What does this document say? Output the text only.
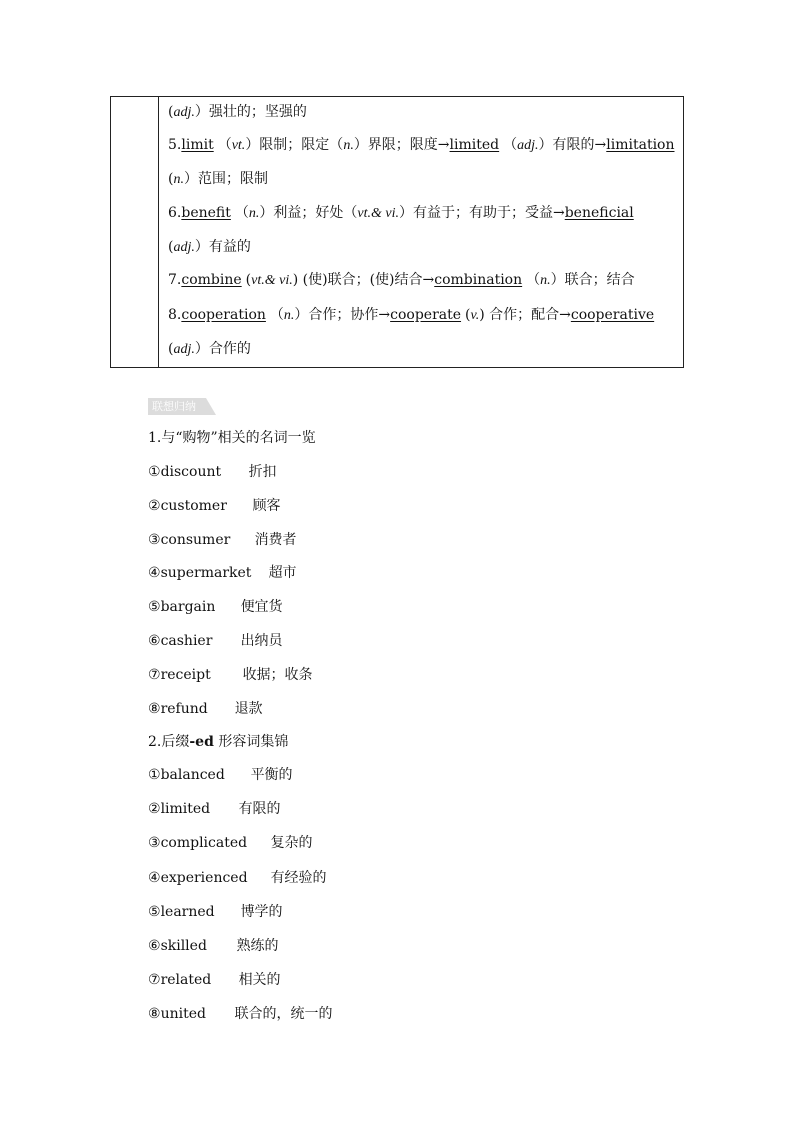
(adj.）强壮的；坚强的
5.limit （vt.）限制；限定（n.）界限；限度→limited （adj.）有限的→limitation
(n.）范围；限制
6.benefit （n.）利益；好处（vt.& vi.）有益于；有助于；受益→beneficial
(adj.）有益的
7.combine (vt.& vi.) (使)联合；(使)结合→combination （n.）联合；结合
8.cooperation （n.）合作；协作→cooperate (v.) 合作；配合→cooperative
(adj.）合作的
联想归纳
1.与“购物”相关的名词一览
①discount 折扣
②customer 顾客
③consumer 消费者
④supermarket 超市
⑤bargain 便宜货
⑥cashier 出纳员
⑦receipt 收据；收条
⑧refund 退款
2.后缀-ed 形容词集锦
①balanced 平衡的
②limited 有限的
③complicated 复杂的
④experienced 有经验的
⑤learned 博学的
⑥skilled 熟练的
⑦related 相关的
⑧united 联合的，统一的
